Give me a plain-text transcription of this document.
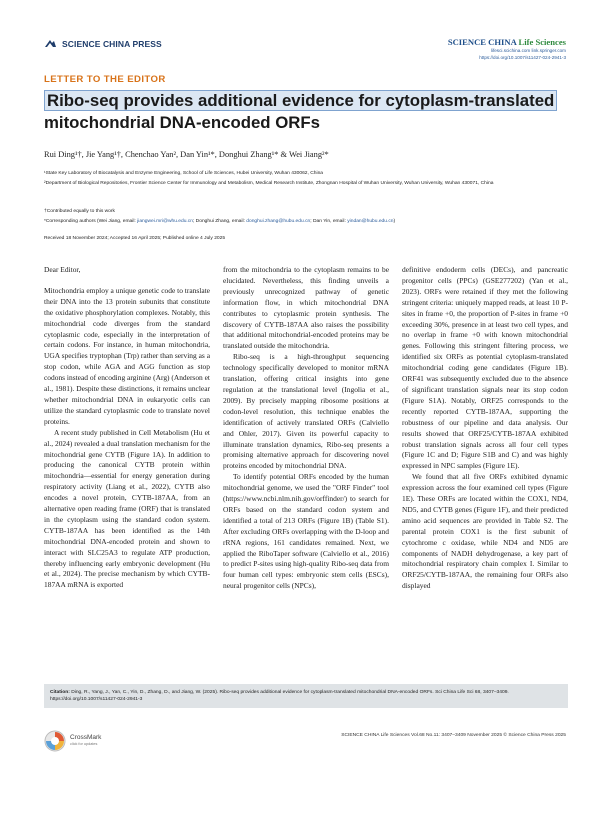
SCIENCE CHINA PRESS	SCIENCE CHINA Life Sciences
lifesci.scichina.com link.springer.com
https://doi.org/10.1007/s11427-024-2941-3
LETTER TO THE EDITOR
Ribo-seq provides additional evidence for cytoplasm-translated
mitochondrial DNA-encoded ORFs
Rui Ding¹†, Jie Yang¹†, Chenchao Yan², Dan Yin¹*, Donghui Zhang¹* & Wei Jiang²*

¹State Key Laboratory of Biocatalysis and Enzyme Engineering, School of Life Sciences, Hubei University, Wuhan 430062, China

²Department of Biological Repositories, Frontier Science Center for Immunology and Metabolism, Medical Research Institute, Zhongnan Hospital of Wuhan University, Wuhan University, Wuhan 430071, China

†Contributed equally to this work

*Corresponding authors (Wei Jiang, email: jiangwei.mri@whu.edu.cn; Donghui Zhang, email: donghui.zhang@hubu.edu.cn; Dan Yin, email: yindan@hubu.edu.cn)

Received 18 November 2024; Accepted 16 April 2025; Published online 4 July 2025

Dear Editor,

Mitochondria employ a unique genetic code to translate their DNA into the 13 protein subunits that constitute the oxidative phosphorylation complexes. Notably, this mitochondrial code diverges from the standard cytoplasmic code, especially in the interpretation of certain codons. For instance, in human mitochondria, UGA specifies tryptophan (Trp) rather than serving as a stop codon, while AGA and AGG function as stop codons instead of encoding arginine (Arg) (Anderson et al., 1981). Despite these distinctions, it remains unclear whether mitochondrial DNA in eukaryotic cells can utilize the standard cytoplasmic code to translate novel proteins.

A recent study published in Cell Metabolism (Hu et al., 2024) revealed a dual translation mechanism for the mitochondrial gene CYTB (Figure 1A). In addition to producing the canonical CYTB protein within mitochondria—essential for energy generation during respiratory activity (Liang et al., 2022), CYTB also encodes a novel protein, CYTB-187AA, from an alternative open reading frame (ORF) that is translated in the cytoplasm using the standard codon system. CYTB-187AA has been identified as the 14th mitochondrial DNA-encoded protein and shown to interact with SLC25A3 to regulate ATP production, thereby influencing early embryonic development (Hu et al., 2024). The precise mechanism by which CYTB-187AA mRNA is exported

from the mitochondria to the cytoplasm remains to be elucidated. Nevertheless, this finding unveils a previously unrecognized pathway of genetic information flow, in which mitochondrial DNA contributes to cytoplasmic protein synthesis. The discovery of CYTB-187AA also raises the possibility that additional mitochondrial-encoded proteins may be translated outside the mitochondria.

Ribo-seq is a high-throughput sequencing technology specifically developed to monitor mRNA translation, offering critical insights into gene regulation at the translational level (Ingolia et al., 2009). By precisely mapping ribosome positions at codon-level resolution, this technique enables the identification of actively translated ORFs (Calviello and Ohler, 2017). Given its powerful capacity to illuminate translation dynamics, Ribo-seq presents a promising alternative approach for discovering novel proteins encoded by mitochondrial DNA.

To identify potential ORFs encoded by the human mitochondrial genome, we used the "ORF Finder" tool (https://www.ncbi.nlm.nih.gov/orffinder/) to search for ORFs based on the standard codon system and identified a total of 213 ORFs (Figure 1B) (Table S1). After excluding ORFs overlapping with the D-loop and rRNA regions, 161 candidates remained. Next, we applied the RiboTaper software (Calviello et al., 2016) to predict P-sites using high-quality Ribo-seq data from four human cell types: embryonic stem cells (ESCs), neural progenitor cells (NPCs),

definitive endoderm cells (DECs), and pancreatic progenitor cells (PPCs) (GSE277202) (Yan et al., 2023). ORFs were retained if they met the following stringent criteria: uniquely mapped reads, at least 10 P-sites in frame +0, the proportion of P-sites in frame +0 exceeding 30%, presence in at least two cell types, and no overlap in frame +0 with known mitochondrial genes. Following this stringent filtering process, we identified six ORFs as potential cytoplasm-translated mitochondrial coding gene candidates (Figure 1B). ORF41 was subsequently excluded due to the absence of significant translation signals near its stop codon (Figure S1A). Notably, ORF25 corresponds to the recently reported CYTB-187AA, supporting the robustness of our pipeline and data analysis. Our results showed that ORF25/CYTB-187AA exhibited robust translation signals across all four cell types (Figure 1C and D; Figure S1B and C) and was highly expressed in NPC samples (Figure 1E).

We found that all five ORFs exhibited dynamic expression across the four examined cell types (Figure 1E). These ORFs are located within the COX1, ND4, ND5, and CYTB genes (Figure 1F), and their predicted amino acid sequences are provided in Table S2. The parental protein COX1 is the first subunit of cytochrome c oxidase, while ND4 and ND5 are components of NADH dehydrogenase, a key part of mitochondrial respiratory chain complex I. Similar to ORF25/CYTB-187AA, the remaining four ORFs also displayed

Citation: Ding, R., Yang, J., Yan, C., Yin, D., Zhang, D., and Jiang, W. (2025). Ribo-seq provides additional evidence for cytoplasm-translated mitochondrial DNA-encoded ORFs. Sci China Life Sci 68, 3407–3409. https://doi.org/10.1007/s11427-024-2941-3
CrossMark
click for updates
SCIENCE CHINA Life Sciences Vol.68 No.11: 3407–3409 November 2025 © Science China Press 2025
